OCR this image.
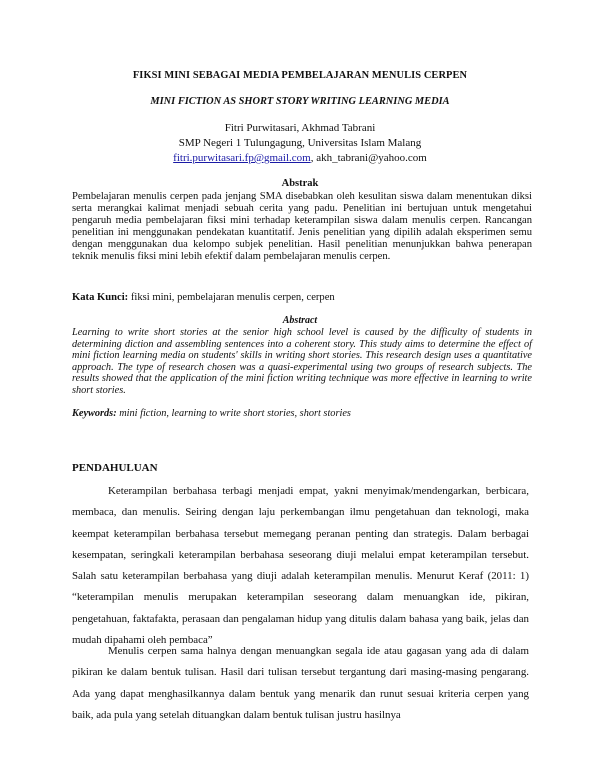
FIKSI MINI SEBAGAI MEDIA PEMBELAJARAN MENULIS CERPEN
MINI FICTION AS SHORT STORY WRITING LEARNING MEDIA
Fitri Purwitasari, Akhmad Tabrani
SMP Negeri 1 Tulungagung, Universitas Islam Malang
fitri.purwitasari.fp@gmail.com, akh_tabrani@yahoo.com
Abstrak
Pembelajaran menulis cerpen pada jenjang SMA disebabkan oleh kesulitan siswa dalam menentukan diksi serta merangkai kalimat menjadi sebuah cerita yang padu. Penelitian ini bertujuan untuk mengetahui pengaruh media pembelajaran fiksi mini terhadap keterampilan siswa dalam menulis cerpen. Rancangan penelitian ini menggunakan pendekatan kuantitatif. Jenis penelitian yang dipilih adalah eksperimen semu dengan menggunakan dua kelompo subjek penelitian. Hasil penelitian menunjukkan bahwa penerapan teknik menulis fiksi mini lebih efektif dalam pembelajaran menulis cerpen.
Kata Kunci: fiksi mini, pembelajaran menulis cerpen, cerpen
Abstract
Learning to write short stories at the senior high school level is caused by the difficulty of students in determining diction and assembling sentences into a coherent story. This study aims to determine the effect of mini fiction learning media on students' skills in writing short stories. This research design uses a quantitative approach. The type of research chosen was a quasi-experimental using two groups of research subjects. The results showed that the application of the mini fiction writing technique was more effective in learning to write short stories.
Keywords: mini fiction, learning to write short stories, short stories
PENDAHULUAN

Keterampilan berbahasa terbagi menjadi empat, yakni menyimak/mendengarkan, berbicara, membaca, dan menulis. Seiring dengan laju perkembangan ilmu pengetahuan dan teknologi, maka keempat keterampilan berbahasa tersebut memegang peranan penting dan strategis. Dalam berbagai kesempatan, seringkali keterampilan berbahasa seseorang diuji melalui empat keterampilan tersebut. Salah satu keterampilan berbahasa yang diuji adalah keterampilan menulis. Menurut Keraf (2011: 1) “keterampilan menulis merupakan keterampilan seseorang dalam menuangkan ide, pikiran, pengetahuan, faktafakta, perasaan dan pengalaman hidup yang ditulis dalam bahasa yang baik, jelas dan mudah dipahami oleh pembaca”

Menulis cerpen sama halnya dengan menuangkan segala ide atau gagasan yang ada di dalam pikiran ke dalam bentuk tulisan. Hasil dari tulisan tersebut tergantung dari masing-masing pengarang. Ada yang dapat menghasilkannya dalam bentuk yang menarik dan runut sesuai kriteria cerpen yang baik, ada pula yang setelah dituangkan dalam bentuk tulisan justru hasilnya
